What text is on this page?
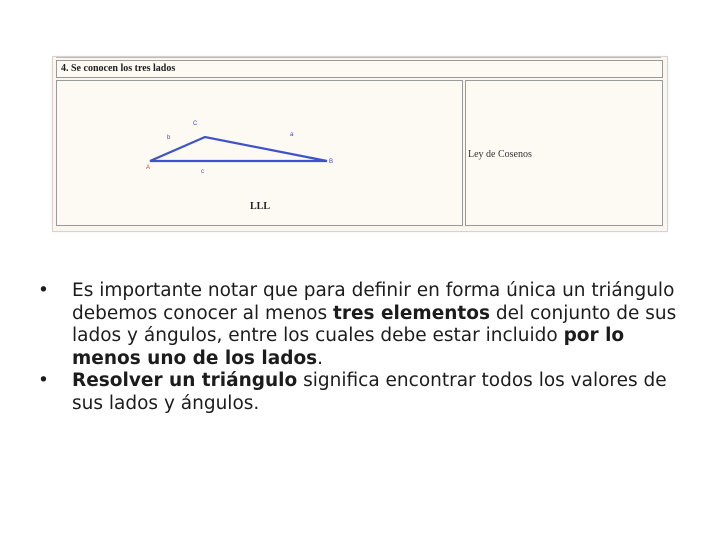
4. Se conocen los tres lados
C
A
B
b	a
c
LLL
Ley de Cosenos
•	Es importante notar que para definir en forma única un triángulo debemos conocer al menos tres elementos del conjunto de sus lados y ángulos, entre los cuales debe estar incluido por lo menos uno de los lados.

•	Resolver un triángulo significa encontrar todos los valores de sus lados y ángulos.
